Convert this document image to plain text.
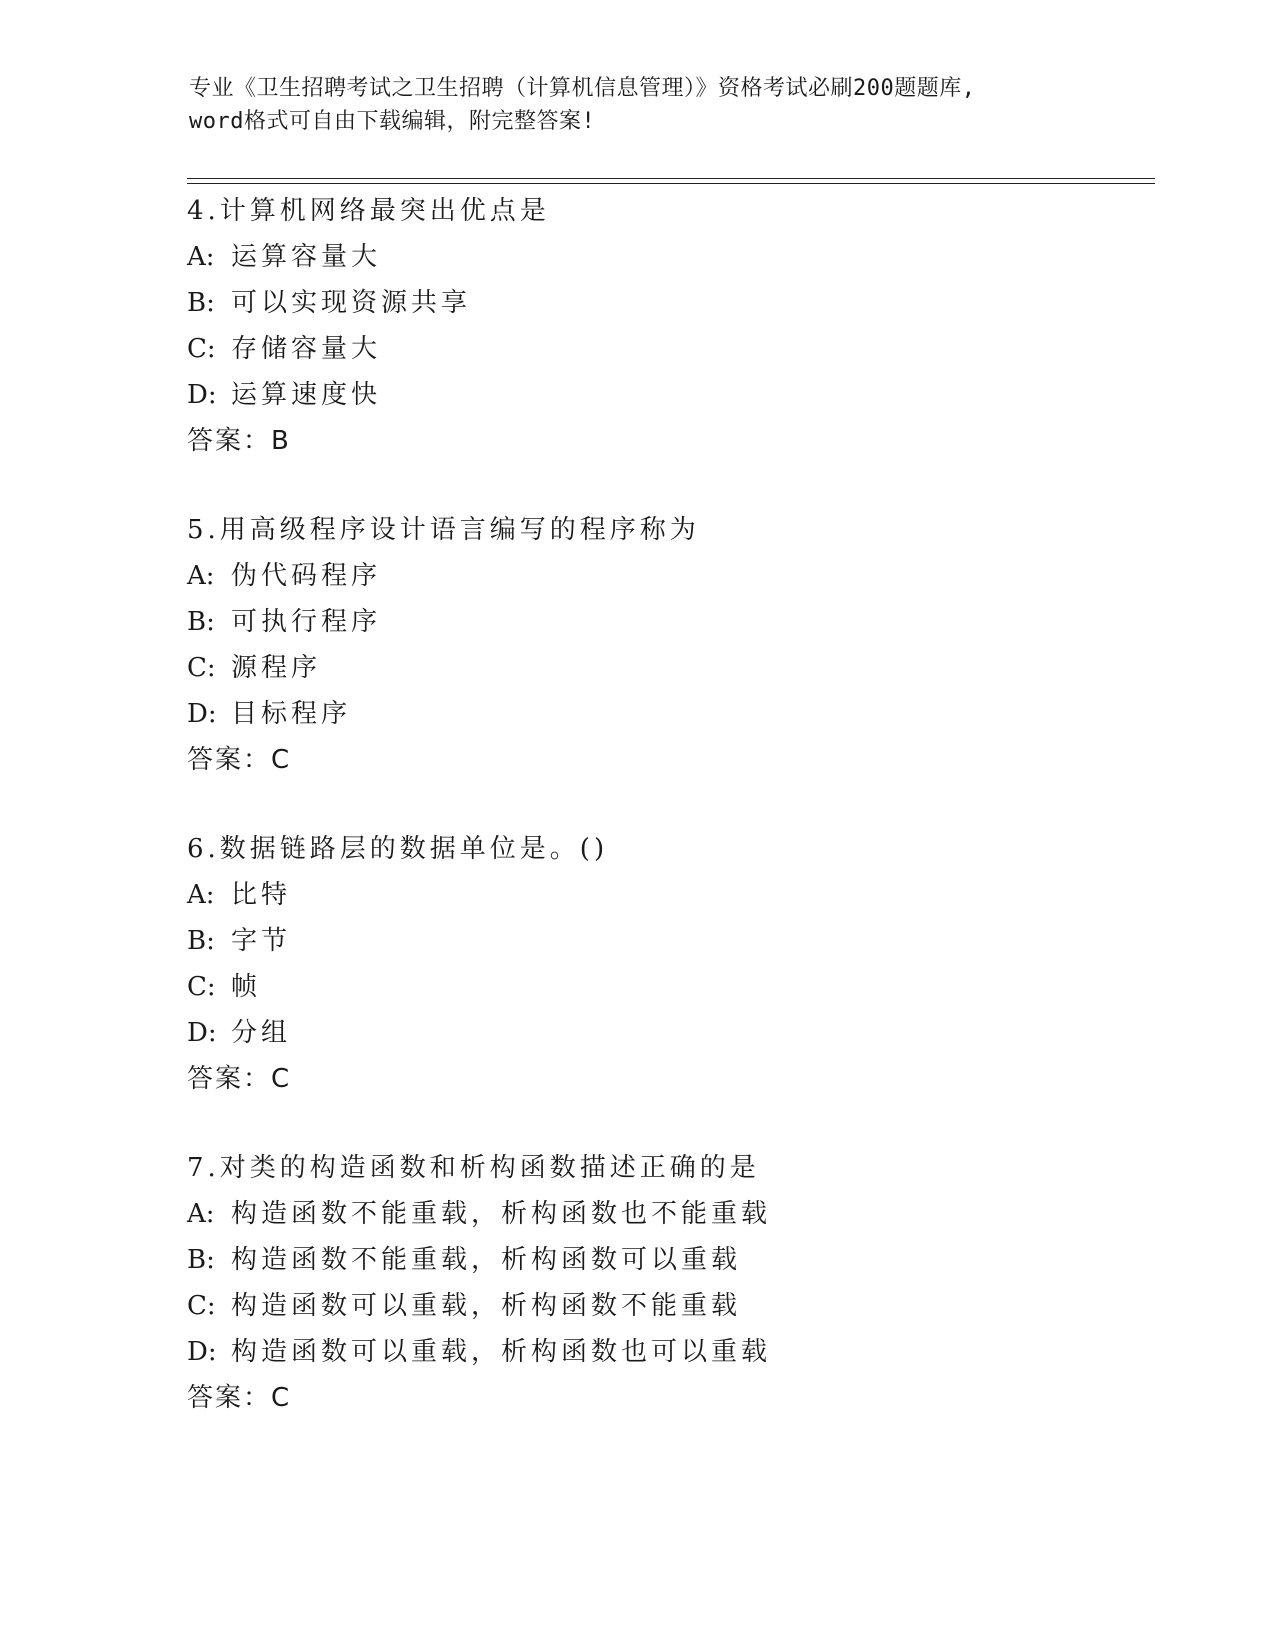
专业《卫生招聘考试之卫生招聘（计算机信息管理）》资格考试必刷200题题库,
word格式可自由下载编辑，附完整答案!
4.计算机网络最突出优点是
A: 运算容量大
B: 可以实现资源共享
C: 存储容量大
D: 运算速度快
答案：B
5.用高级程序设计语言编写的程序称为
A: 伪代码程序
B: 可执行程序
C: 源程序
D: 目标程序
答案：C
6.数据链路层的数据单位是。()
A: 比特
B: 字节
C: 帧
D: 分组
答案：C
7.对类的构造函数和析构函数描述正确的是
A: 构造函数不能重载，析构函数也不能重载
B: 构造函数不能重载，析构函数可以重载
C: 构造函数可以重载，析构函数不能重载
D: 构造函数可以重载，析构函数也可以重载
答案：C
